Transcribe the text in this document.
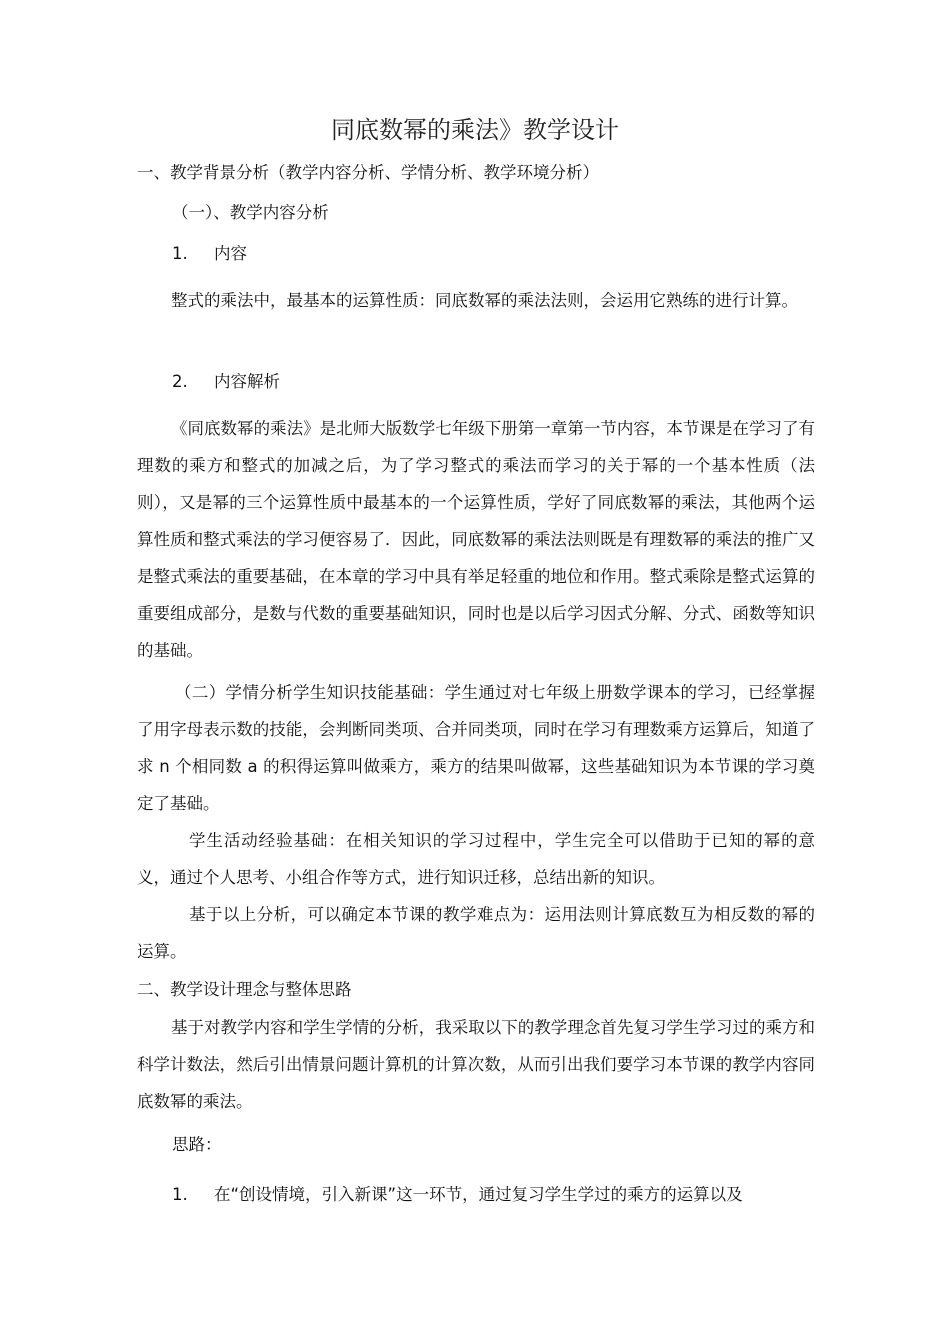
同底数幂的乘法》教学设计
一、教学背景分析（教学内容分析、学情分析、教学环境分析）
（一）、教学内容分析
1. 内容
整式的乘法中，最基本的运算性质：同底数幂的乘法法则，会运用它熟练的进行计算。
2. 内容解析
《同底数幂的乘法》是北师大版数学七年级下册第一章第一节内容，本节课是在学习了有理数的乘方和整式的加减之后，为了学习整式的乘法而学习的关于幂的一个基本性质（法则），又是幂的三个运算性质中最基本的一个运算性质，学好了同底数幂的乘法，其他两个运算性质和整式乘法的学习便容易了．因此，同底数幂的乘法法则既是有理数幂的乘法的推广又是整式乘法的重要基础，在本章的学习中具有举足轻重的地位和作用。整式乘除是整式运算的重要组成部分，是数与代数的重要基础知识，同时也是以后学习因式分解、分式、函数等知识的基础。
（二）学情分析学生知识技能基础：学生通过对七年级上册数学课本的学习，已经掌握了用字母表示数的技能，会判断同类项、合并同类项，同时在学习有理数乘方运算后，知道了求 n 个相同数 a 的积得运算叫做乘方，乘方的结果叫做幂，这些基础知识为本节课的学习奠定了基础。
学生活动经验基础：在相关知识的学习过程中，学生完全可以借助于已知的幂的意义，通过个人思考、小组合作等方式，进行知识迁移，总结出新的知识。
基于以上分析，可以确定本节课的教学难点为：运用法则计算底数互为相反数的幂的运算。
二、教学设计理念与整体思路
基于对教学内容和学生学情的分析，我采取以下的教学理念首先复习学生学习过的乘方和科学计数法，然后引出情景问题计算机的计算次数，从而引出我们要学习本节课的教学内容同底数幂的乘法。
思路：
1. 在“创设情境，引入新课”这一环节，通过复习学生学过的乘方的运算以及
